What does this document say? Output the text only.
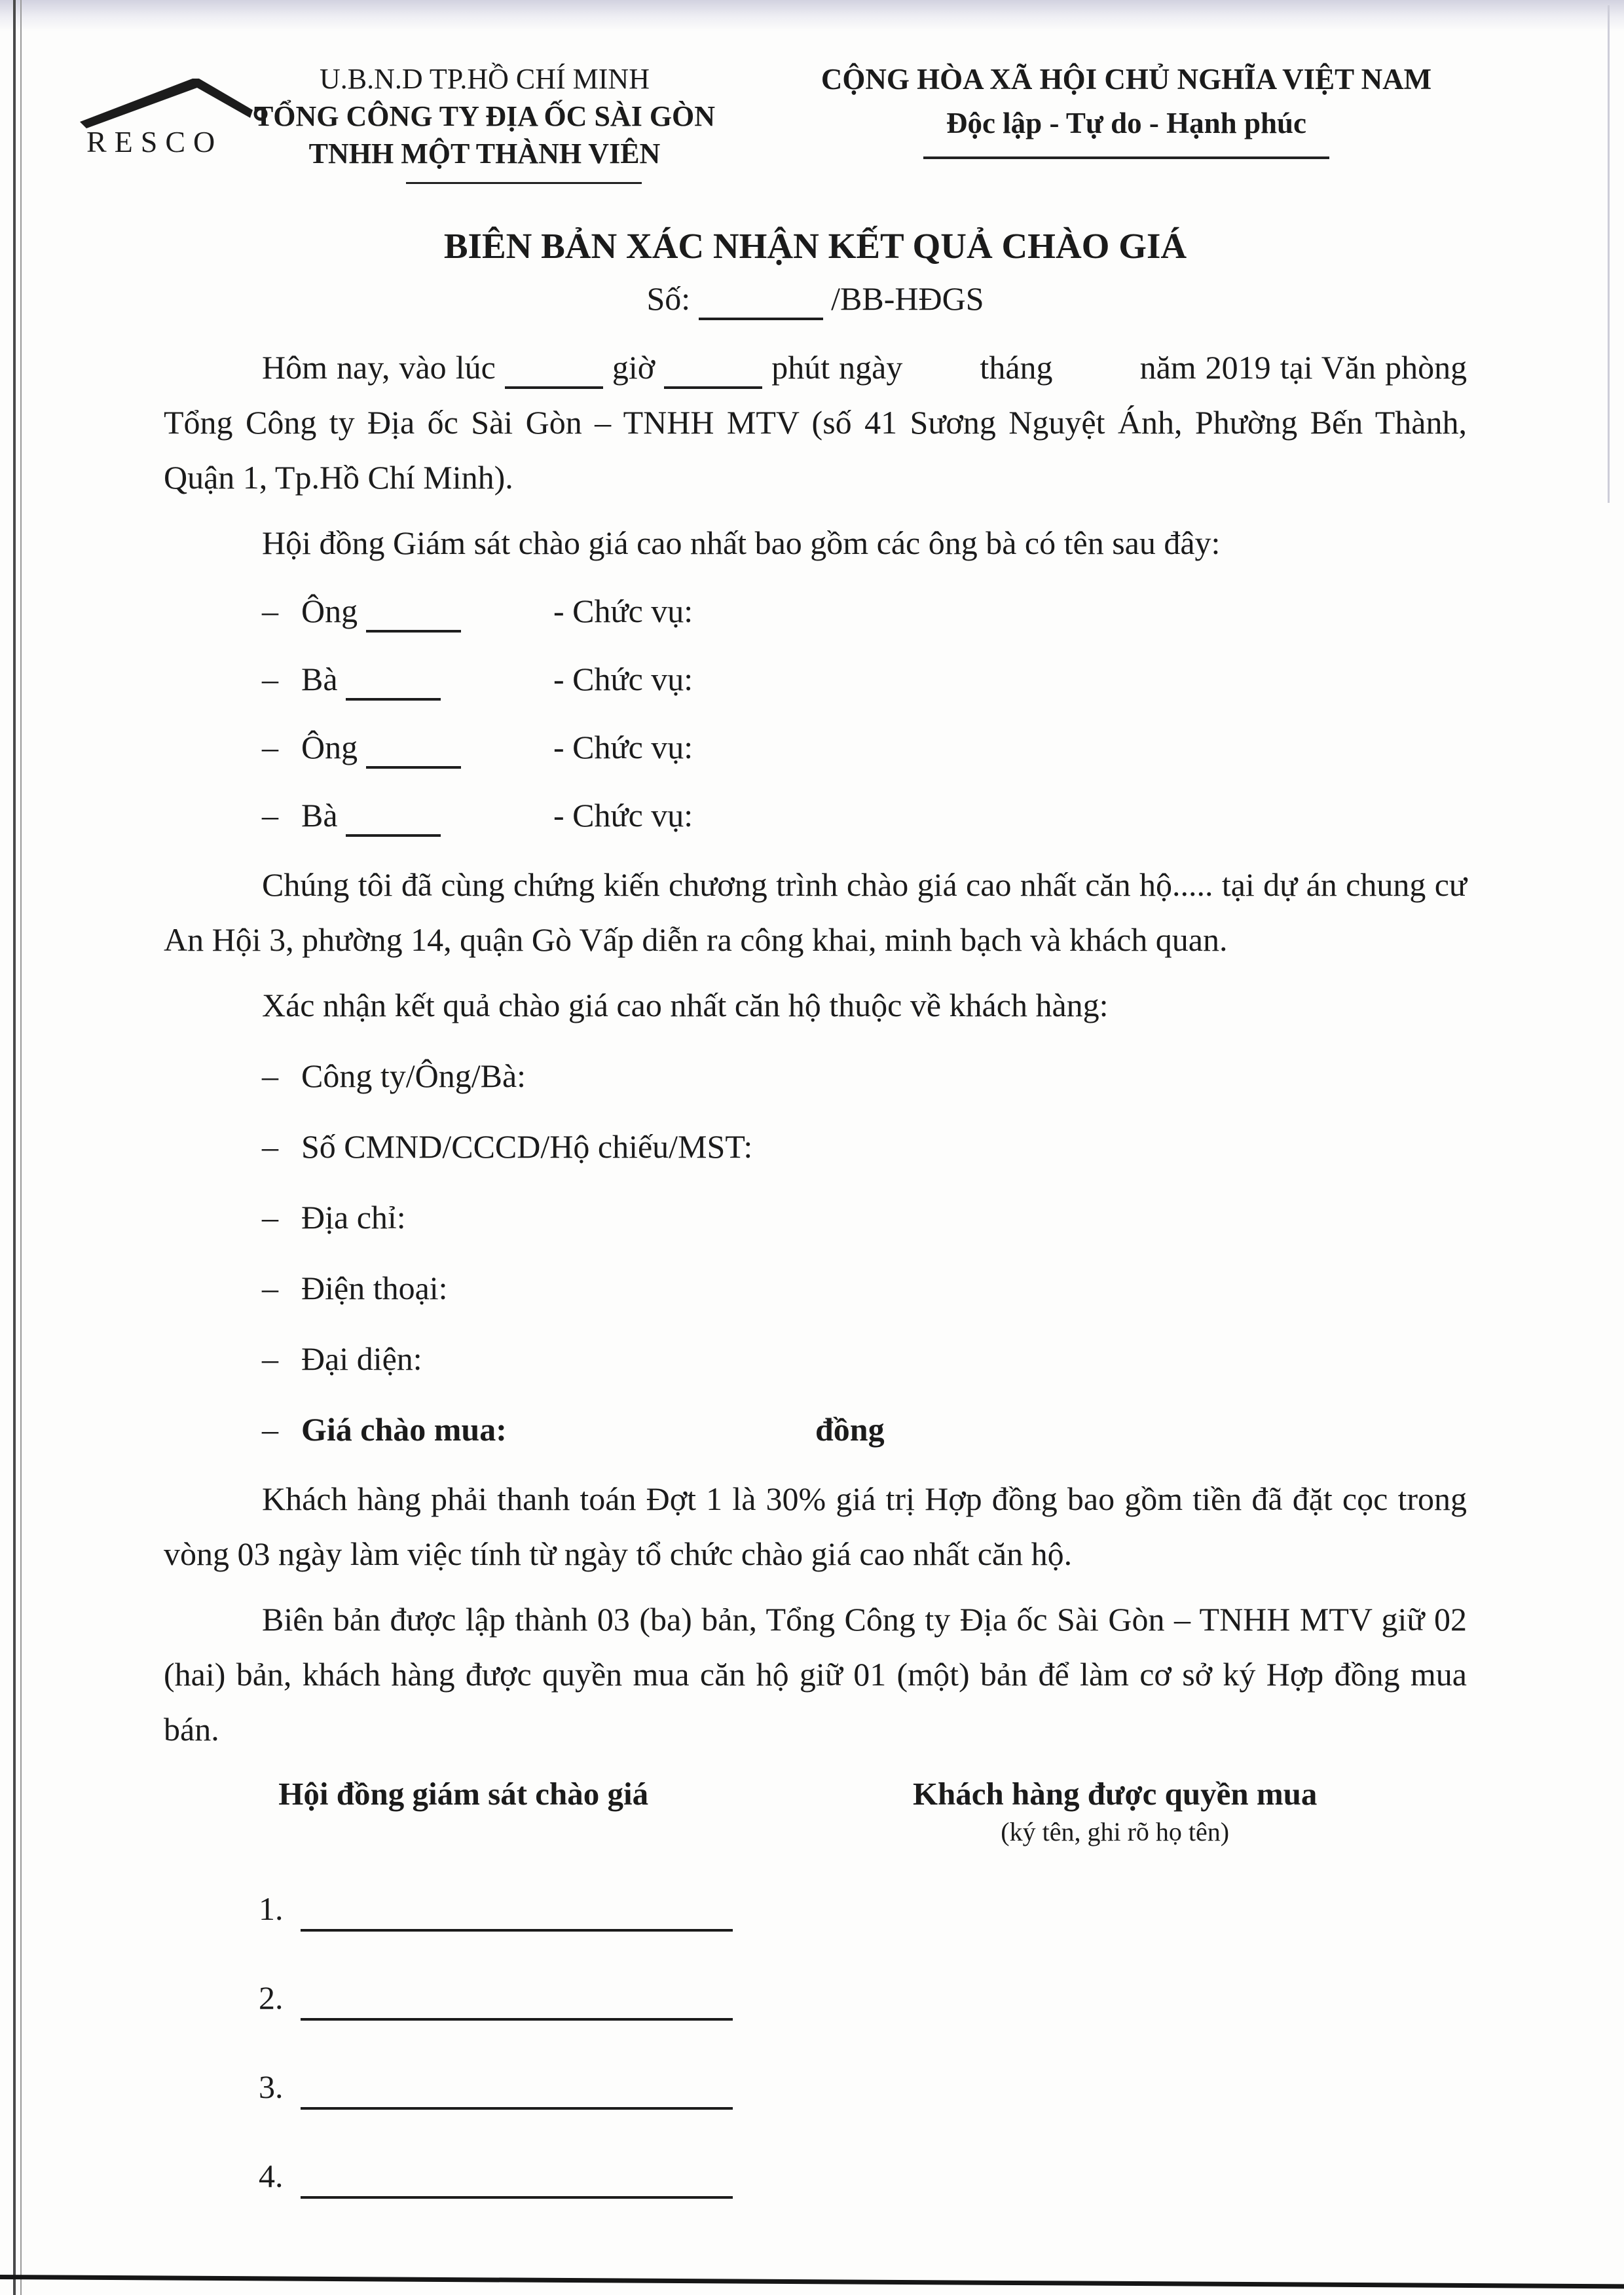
RESCO
U.B.N.D TP.HỒ CHÍ MINH
TỔNG CÔNG TY ĐỊA ỐC SÀI GÒN
TNHH MỘT THÀNH VIÊN
CỘNG HÒA XÃ HỘI CHỦ NGHĨA VIỆT NAM
Độc lập - Tự do - Hạnh phúc
BIÊN BẢN XÁC NHẬN KẾT QUẢ CHÀO GIÁ
Số:	/BB-HĐGS

Hôm nay, vào lúc	giờ	phút ngày tháng	năm 2019 tại Văn phòng Tổng Công ty Địa ốc Sài Gòn – TNHH MTV (số 41 Sương Nguyệt Ánh, Phường Bến Thành, Quận 1, Tp.Hồ Chí Minh).

Hội đồng Giám sát chào giá cao nhất bao gồm các ông bà có tên sau đây:

– Ông	- Chức vụ:
– Bà	- Chức vụ:
– Ông	- Chức vụ:
– Bà	- Chức vụ:

Chúng tôi đã cùng chứng kiến chương trình chào giá cao nhất căn hộ..... tại dự án chung cư An Hội 3, phường 14, quận Gò Vấp diễn ra công khai, minh bạch và khách quan.

Xác nhận kết quả chào giá cao nhất căn hộ thuộc về khách hàng:

– Công ty/Ông/Bà:
– Số CMND/CCCD/Hộ chiếu/MST:
– Địa chỉ:
– Điện thoại:
– Đại diện:
– Giá chào mua:	đồng

Khách hàng phải thanh toán Đợt 1 là 30% giá trị Hợp đồng bao gồm tiền đã đặt cọc trong vòng 03 ngày làm việc tính từ ngày tổ chức chào giá cao nhất căn hộ.

Biên bản được lập thành 03 (ba) bản, Tổng Công ty Địa ốc Sài Gòn – TNHH MTV giữ 02 (hai) bản, khách hàng được quyền mua căn hộ giữ 01 (một) bản để làm cơ sở ký Hợp đồng mua bán.

Hội đồng giám sát chào giá	Khách hàng được quyền mua
(ký tên, ghi rõ họ tên)
1.
2.
3.
4.
